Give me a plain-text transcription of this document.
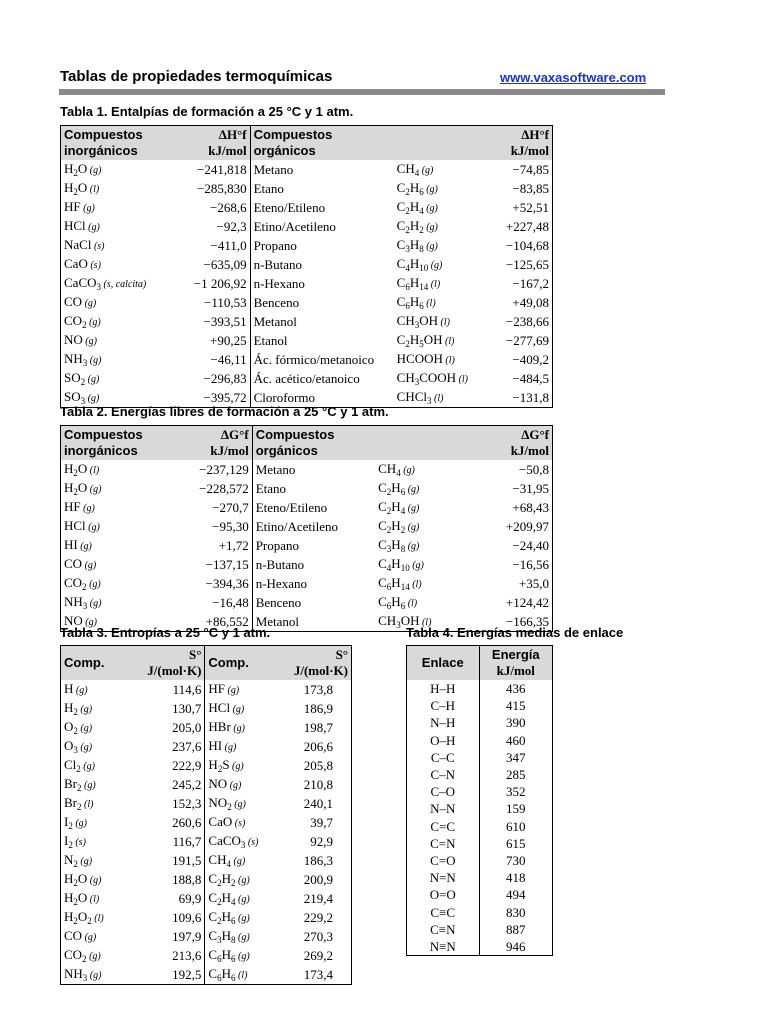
Tablas de propiedades termoquímicas	www.vaxasoftware.com
Tabla 1. Entalpías de formación a 25 °C y 1 atm.
Compuestos
inorgánicos	ΔH°f
kJ/mol	Compuestos
orgánicos		ΔH°f
kJ/mol

$H_2O$ (g)	−241,818	Metano	$CH_4$ (g)	−74,85
$H_2O$ (l)	−285,830	Etano	$C_2H_6$ (g)	−83,85
HF (g)	−268,6	Eteno/Etileno	$C_2H_4$ (g)	+52,51
HCl (g)	−92,3	Etino/Acetileno	$C_2H_2$ (g)	+227,48
NaCl (s)	−411,0	Propano	$C_3H_8$ (g)	−104,68
CaO (s)	−635,09	n-Butano	$C_4H_{10}$ (g)	−125,65
CaCO$_3$ (s, calcita)	−1 206,92	n-Hexano	$C_6H_{14}$ (l)	−167,2
CO (g)	−110,53	Benceno	$C_6H_6$ (l)	+49,08
$CO_2$ (g)	−393,51	Metanol	$CH_3OH$ (l)	−238,66
NO (g)	+90,25	Etanol	$C_2H_5OH$ (l)	−277,69
$NH_3$ (g)	−46,11	Ác. fórmico/metanoico	HCOOH (l)	−409,2
$SO_2$ (g)	−296,83	Ác. acético/etanoico	$CH_3COOH$ (l)	−484,5
$SO_3$ (g)	−395,72	Cloroformo	CHCl$_3$ (l)	−131,8
Tabla 2. Energías libres de formación a 25 °C y 1 atm.
Compuestos
inorgánicos	ΔG°f
kJ/mol	Compuestos
orgánicos		ΔG°f
kJ/mol

$H_2O$ (l)	−237,129	Metano	$CH_4$ (g)	−50,8
$H_2O$ (g)	−228,572	Etano	$C_2H_6$ (g)	−31,95
HF (g)	−270,7	Eteno/Etileno	$C_2H_4$ (g)	+68,43
HCl (g)	−95,30	Etino/Acetileno	$C_2H_2$ (g)	+209,97
HI (g)	+1,72	Propano	$C_3H_8$ (g)	−24,40
CO (g)	−137,15	n-Butano	$C_4H_{10}$ (g)	−16,56
$CO_2$ (g)	−394,36	n-Hexano	$C_6H_{14}$ (l)	+35,0
$NH_3$ (g)	−16,48	Benceno	$C_6H_6$ (l)	+124,42
NO (g)	+86,552	Metanol	$CH_3OH$ (l)	−166,35
Tabla 3. Entropías a 25 °C y 1 atm.
Comp.	S°
J/(mol·K)	Comp.	S°
J/(mol·K)

H (g)	114,6	HF (g)	173,8
$H_2$ (g)	130,7	HCl (g)	186,9
$O_2$ (g)	205,0	HBr (g)	198,7
$O_3$ (g)	237,6	HI (g)	206,6
$Cl_2$ (g)	222,9	$H_2S$ (g)	205,8
$Br_2$ (g)	245,2	NO (g)	210,8
$Br_2$ (l)	152,3	$NO_2$ (g)	240,1
$I_2$ (g)	260,6	CaO (s)	39,7
$I_2$ (s)	116,7	CaCO$_3$ (s)	92,9
$N_2$ (g)	191,5	$CH_4$ (g)	186,3
$H_2O$ (g)	188,8	$C_2H_2$ (g)	200,9
$H_2O$ (l)	69,9	$C_2H_4$ (g)	219,4
$H_2O_2$ (l)	109,6	$C_2H_6$ (g)	229,2
CO (g)	197,9	$C_3H_8$ (g)	270,3
$CO_2$ (g)	213,6	$C_6H_6$ (g)	269,2
$NH_3$ (g)	192,5	$C_6H_6$ (l)	173,4
Tabla 4. Energías medias de enlace
Enlace	Energía
kJ/mol

H–H	436
C–H	415
N–H	390
O–H	460
C–C	347
C–N	285
C–O	352
N–N	159
C=C	610
C=N	615
C=O	730
N=N	418
O=O	494
C≡C	830
C≡N	887
N≡N	946
